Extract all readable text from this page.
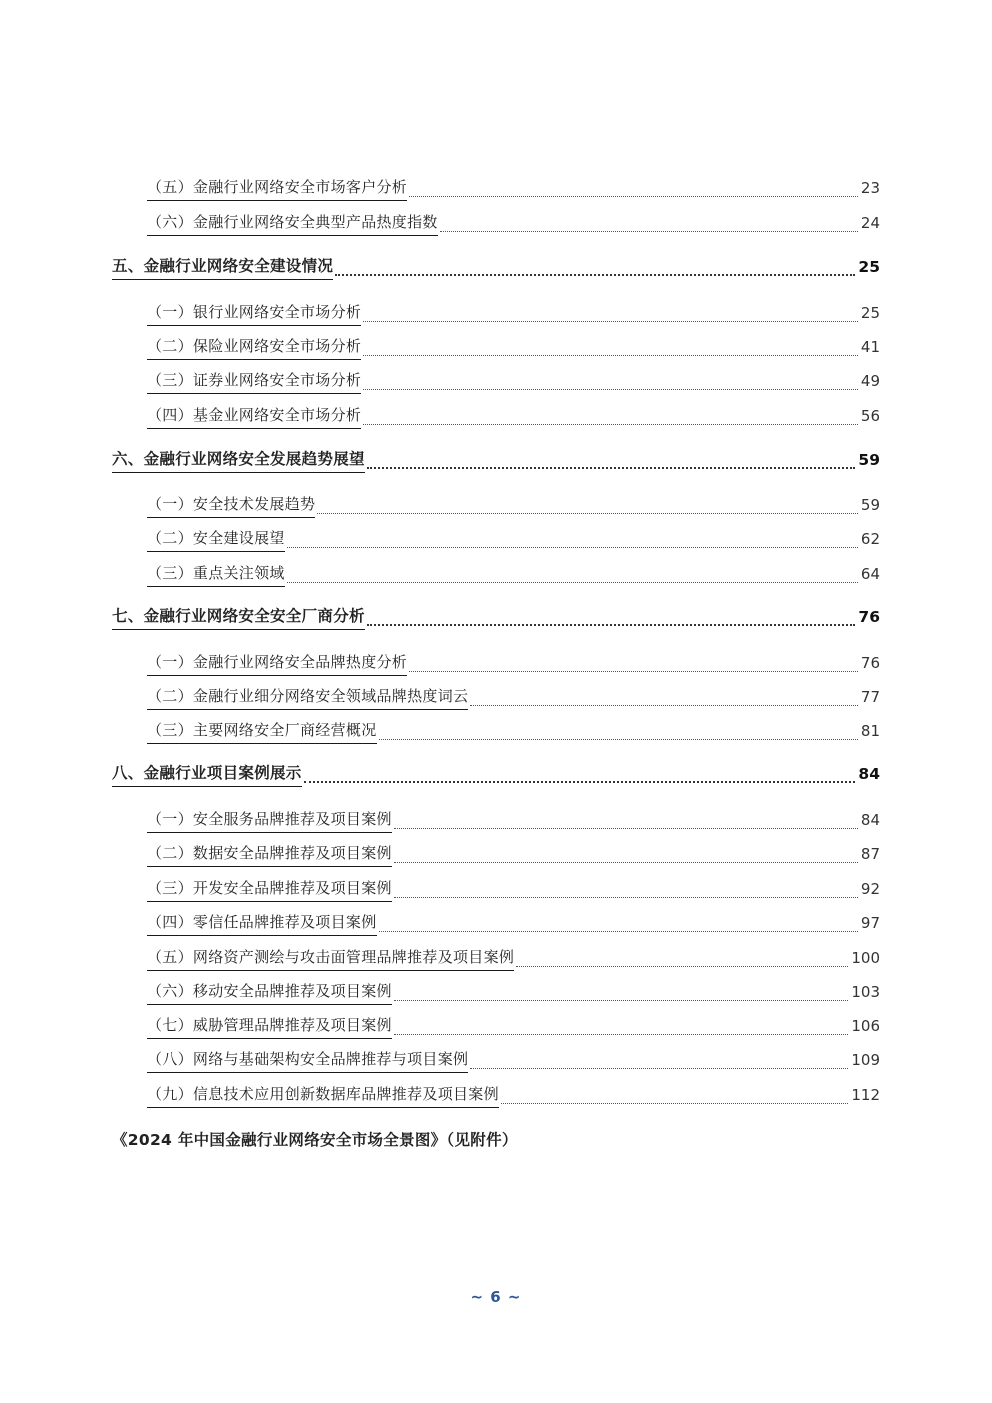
（五）金融行业网络安全市场客户分析	23
（六）金融行业网络安全典型产品热度指数	24
五、金融行业网络安全建设情况	25
（一）银行业网络安全市场分析	25
（二）保险业网络安全市场分析	41
（三）证券业网络安全市场分析	49
（四）基金业网络安全市场分析	56
六、金融行业网络安全发展趋势展望	59
（一）安全技术发展趋势	59
（二）安全建设展望	62
（三）重点关注领域	64
七、金融行业网络安全安全厂商分析	76
（一）金融行业网络安全品牌热度分析	76
（二）金融行业细分网络安全领域品牌热度词云	77
（三）主要网络安全厂商经营概况	81
八、金融行业项目案例展示	84
（一）安全服务品牌推荐及项目案例	84
（二）数据安全品牌推荐及项目案例	87
（三）开发安全品牌推荐及项目案例	92
（四）零信任品牌推荐及项目案例	97
（五）网络资产测绘与攻击面管理品牌推荐及项目案例	100
（六）移动安全品牌推荐及项目案例	103
（七）威胁管理品牌推荐及项目案例	106
（八）网络与基础架构安全品牌推荐与项目案例	109
（九）信息技术应用创新数据库品牌推荐及项目案例	112
《2024 年中国金融行业网络安全市场全景图》（见附件）
~ 6 ~
